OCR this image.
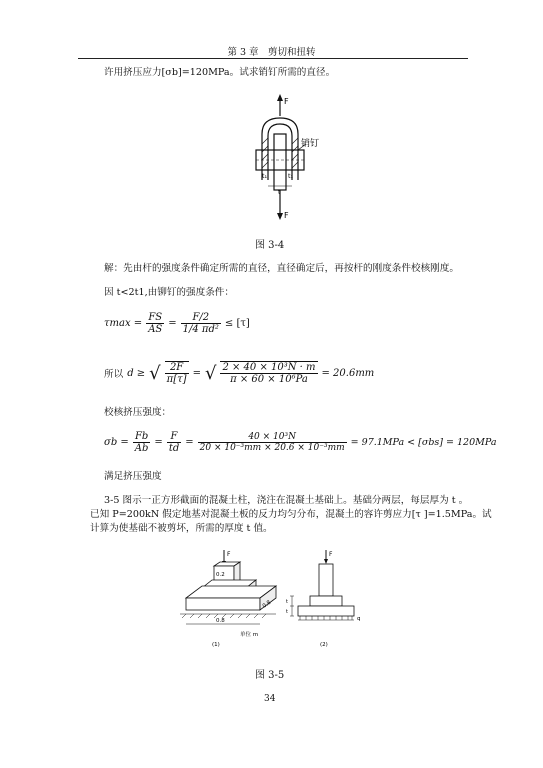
第 3 章　剪切和扭转
许用挤压应力[σb]=120MPa。试求销钉所需的直径。
F
销钉
t₁	t₁
t
F
图 3-4
解：先由杆的强度条件确定所需的直径，直径确定后，再按杆的刚度条件校核刚度。
因 t<2t1,由铆钉的强度条件：
$\tau\max = \frac{FS}{AS} = \frac{F/2}{\text{1/4 πd²}} \le [\tau]$
所以 d ≥ √ $\frac{2F}{\pi[\tau]}$ = √ $\frac{\text{2 × 40 × 10³N · m}}{\text{π × 60 × 10⁶Pa}} = 20.6mm$
校核挤压强度：
$\sigma b = \frac{Fb}{Ab} = \frac{F}{td} = \frac{\text{40 × 10³N}}{\text{20 × 10⁻³mm × 20.6 × 10⁻³mm}} = 97.1MPa < [\sigma bs] = 120MPa$
满足挤压强度
3-5 图示一正方形截面的混凝土柱，浇注在混凝土基础上。基础分两层，每层厚为 t 。
已知 P=200kN 假定地基对混凝土板的反力均匀分布，混凝土的容许剪应力[τ ]=1.5MPa。试
计算为使基础不被剪坏，所需的厚度 t 值。
F
0.2
0.8
0.8
单位 m
(1)
F
t
t
q
(2)
图 3-5
34
